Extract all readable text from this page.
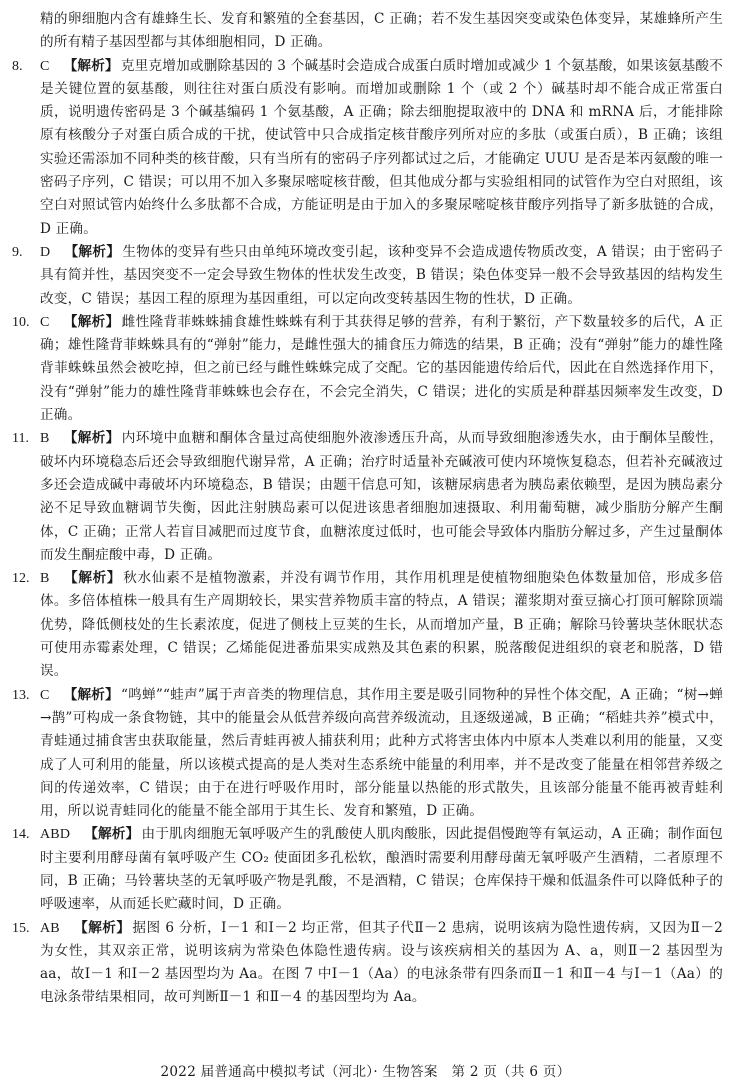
精的卵细胞内含有雄蜂生长、发育和繁殖的全套基因，C 正确；若不发生基因突变或染色体变异，某雄蜂所产生的所有精子基因型都与其体细胞相同，D 正确。
8. C 【解析】 克里克增加或删除基因的 3 个碱基时会造成合成蛋白质时增加或减少 1 个氨基酸，如果该氨基酸不是关键位置的氨基酸，则往往对蛋白质没有影响。而增加或删除 1 个（或 2 个）碱基时却不能合成正常蛋白质，说明遗传密码是 3 个碱基编码 1 个氨基酸，A 正确；除去细胞提取液中的 DNA 和 mRNA 后，才能排除原有核酸分子对蛋白质合成的干扰，使试管中只合成指定核苷酸序列所对应的多肽（或蛋白质），B 正确；该组实验还需添加不同种类的核苷酸，只有当所有的密码子序列都试过之后，才能确定 UUU 是否是苯丙氨酸的唯一密码子序列，C 错误；可以用不加入多聚尿嘧啶核苷酸，但其他成分都与实验组相同的试管作为空白对照组，该空白对照试管内始终什么多肽都不合成，方能证明是由于加入的多聚尿嘧啶核苷酸序列指导了新多肽链的合成，D 正确。
9. D 【解析】 生物体的变异有些只由单纯环境改变引起，该种变异不会造成遗传物质改变，A 错误；由于密码子具有简并性，基因突变不一定会导致生物体的性状发生改变，B 错误；染色体变异一般不会导致基因的结构发生改变，C 错误；基因工程的原理为基因重组，可以定向改变转基因生物的性状，D 正确。
10. C 【解析】 雌性隆背菲蛛蛛捕食雄性蛛蛛有利于其获得足够的营养，有利于繁衍，产下数量较多的后代，A 正确；雄性隆背菲蛛蛛具有的“弹射”能力，是雌性强大的捕食压力筛选的结果，B 正确；没有“弹射”能力的雄性隆背菲蛛蛛虽然会被吃掉，但之前已经与雌性蛛蛛完成了交配。它的基因能遗传给后代，因此在自然选择作用下，没有“弹射”能力的雄性隆背菲蛛蛛也会存在，不会完全消失，C 错误；进化的实质是种群基因频率发生改变，D 正确。
11. B 【解析】 内环境中血糖和酮体含量过高使细胞外液渗透压升高，从而导致细胞渗透失水，由于酮体呈酸性，破坏内环境稳态后还会导致细胞代谢异常，A 正确；治疗时适量补充碱液可使内环境恢复稳态，但若补充碱液过多还会造成碱中毒破坏内环境稳态，B 错误；由题干信息可知，该糖尿病患者为胰岛素依赖型，是因为胰岛素分泌不足导致血糖调节失衡，因此注射胰岛素可以促进该患者细胞加速摄取、利用葡萄糖，减少脂肪分解产生酮体，C 正确；正常人若盲目减肥而过度节食，血糖浓度过低时，也可能会导致体内脂肪分解过多，产生过量酮体而发生酮症酸中毒，D 正确。
12. B 【解析】 秋水仙素不是植物激素，并没有调节作用，其作用机理是使植物细胞染色体数量加倍，形成多倍体。多倍体植株一般具有生产周期较长，果实营养物质丰富的特点，A 错误；灌浆期对蚕豆摘心打顶可解除顶端优势，降低侧枝处的生长素浓度，促进了侧枝上豆荚的生长，从而增加产量，B 正确；解除马铃薯块茎休眠状态可使用赤霉素处理，C 错误；乙烯能促进番茄果实成熟及其色素的积累，脱落酸促进组织的衰老和脱落，D 错误。
13. C 【解析】 “鸣蝉”“蛙声”属于声音类的物理信息，其作用主要是吸引同物种的异性个体交配，A 正确；“树→蝉→鹊”可构成一条食物链，其中的能量会从低营养级向高营养级流动，且逐级递减，B 正确；“稻蛙共养”模式中，青蛙通过捕食害虫获取能量，然后青蛙再被人捕获利用；此种方式将害虫体内中原本人类难以利用的能量，又变成了人可利用的能量，所以该模式提高的是人类对生态系统中能量的利用率，并不是改变了能量在相邻营养级之间的传递效率，C 错误；由于在进行呼吸作用时，部分能量以热能的形式散失，且该部分能量不能再被青蛙利用，所以说青蛙同化的能量不能全部用于其生长、发育和繁殖，D 正确。
14. ABD 【解析】 由于肌肉细胞无氧呼吸产生的乳酸使人肌肉酸胀，因此提倡慢跑等有氧运动，A 正确；制作面包时主要利用酵母菌有氧呼吸产生 CO₂ 使面团多孔松软，酿酒时需要利用酵母菌无氧呼吸产生酒精，二者原理不同，B 正确；马铃薯块茎的无氧呼吸产物是乳酸，不是酒精，C 错误；仓库保持干燥和低温条件可以降低种子的呼吸速率，从而延长贮藏时间，D 正确。
15. AB 【解析】 据图 6 分析，Ⅰ－1 和Ⅰ－2 均正常，但其子代Ⅱ－2 患病，说明该病为隐性遗传病，又因为Ⅱ－2 为女性，其双亲正常，说明该病为常染色体隐性遗传病。设与该疾病相关的基因为 A、a，则Ⅱ－2 基因型为 aa，故Ⅰ－1 和Ⅰ－2 基因型均为 Aa。在图 7 中Ⅰ－1（Aa）的电泳条带有四条而Ⅱ－1 和Ⅱ－4 与Ⅰ－1（Aa）的电泳条带结果相同，故可判断Ⅱ－1 和Ⅱ－4 的基因型均为 Aa。
2022 届普通高中模拟考试（河北）· 生物答案　第 2 页（共 6 页）
